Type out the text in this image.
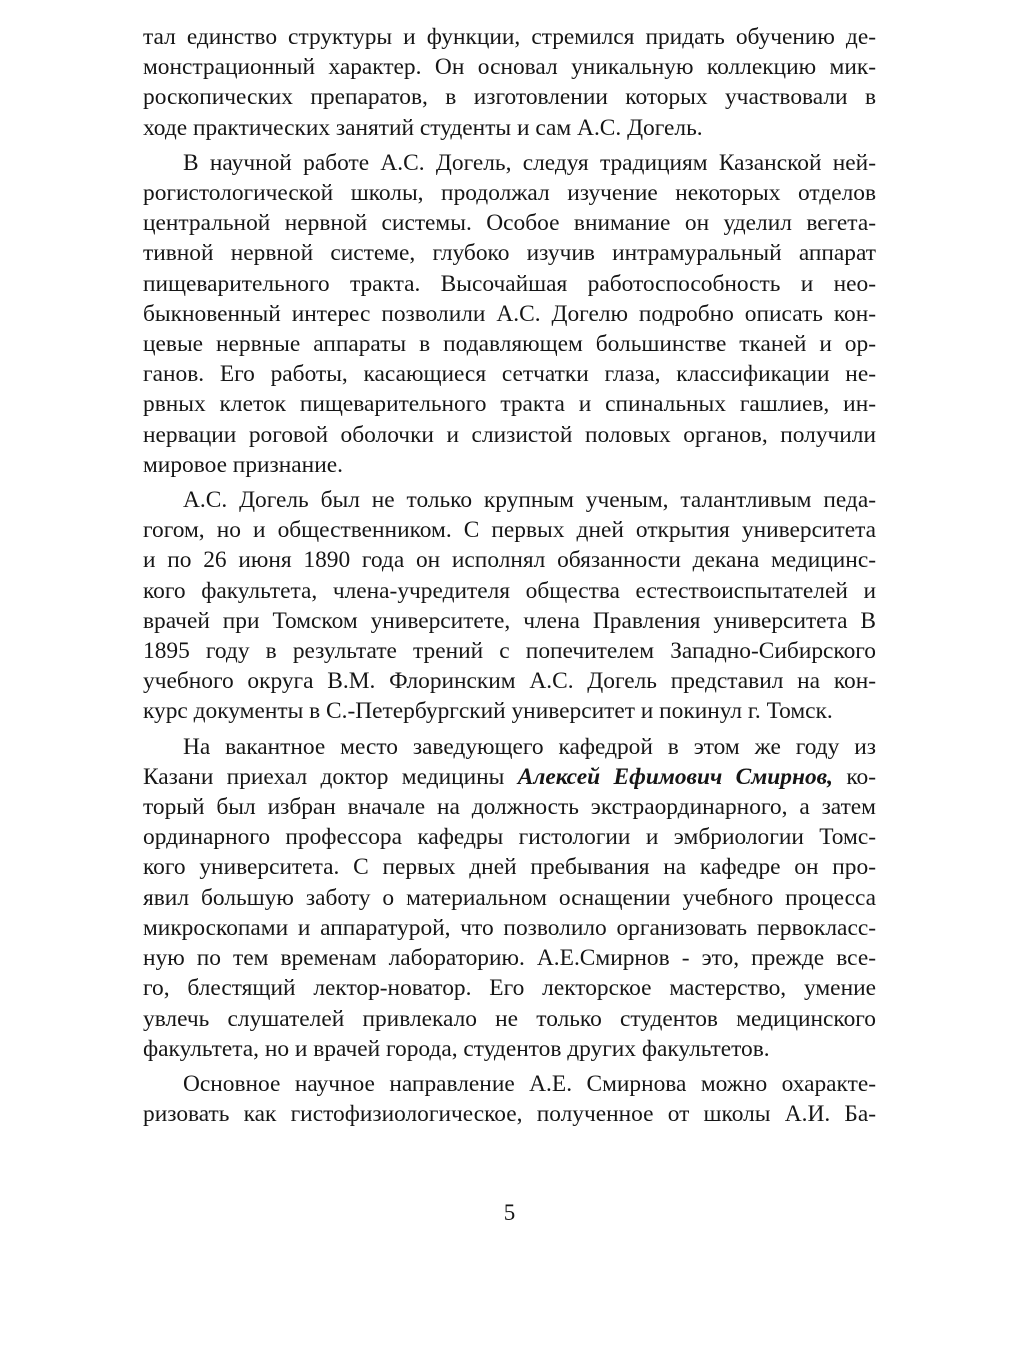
тал единство структуры и функции, стремился придать обучению де-
монстрационный характер. Он основал уникальную коллекцию мик-
роскопических препаратов, в изготовлении которых участвовали в
ходе практических занятий студенты и сам А.С. Догель.

В научной работе А.С. Догель, следуя традициям Казанской ней-
рогистологической школы, продолжал изучение некоторых отделов
центральной нервной системы. Особое внимание он уделил вегета-
тивной нервной системе, глубоко изучив интрамуральный аппарат
пищеварительного тракта. Высочайшая работоспособность и нео-
быкновенный интерес позволили А.С. Догелю подробно описать кон-
цевые нервные аппараты в подавляющем большинстве тканей и ор-
ганов. Его работы, касающиеся сетчатки глаза, классификации не-
рвных клеток пищеварительного тракта и спинальных гашлиев, ин-
нервации роговой оболочки и слизистой половых органов, получили
мировое признание.

А.С. Догель был не только крупным ученым, талантливым педа-
гогом, но и общественником. С первых дней открытия университета
и по 26 июня 1890 года он исполнял обязанности декана медицинс-
кого факультета, члена-учредителя общества естествоиспытателей и
врачей при Томском университете, члена Правления университета В
1895 году в результате трений с попечителем Западно-Сибирского
учебного округа В.М. Флоринским А.С. Догель представил на кон-
курс документы в С.-Петербургский университет и покинул г. Томск.

На вакантное место заведующего кафедрой в этом же году из
Казани приехал доктор медицины Алексей Ефимович Смирнов, ко-
торый был избран вначале на должность экстраординарного, а затем
ординарного профессора кафедры гистологии и эмбриологии Томс-
кого университета. С первых дней пребывания на кафедре он про-
явил большую заботу о материальном оснащении учебного процесса
микроскопами и аппаратурой, что позволило организовать первокласс-
ную по тем временам лабораторию. А.Е.Смирнов - это, прежде все-
го, блестящий лектор-новатор. Его лекторское мастерство, умение
увлечь слушателей привлекало не только студентов медицинского
факультета, но и врачей города, студентов других факультетов.

Основное научное направление А.Е. Смирнова можно охаракте-
ризовать как гистофизиологическое, полученное от школы А.И. Ба-

5
